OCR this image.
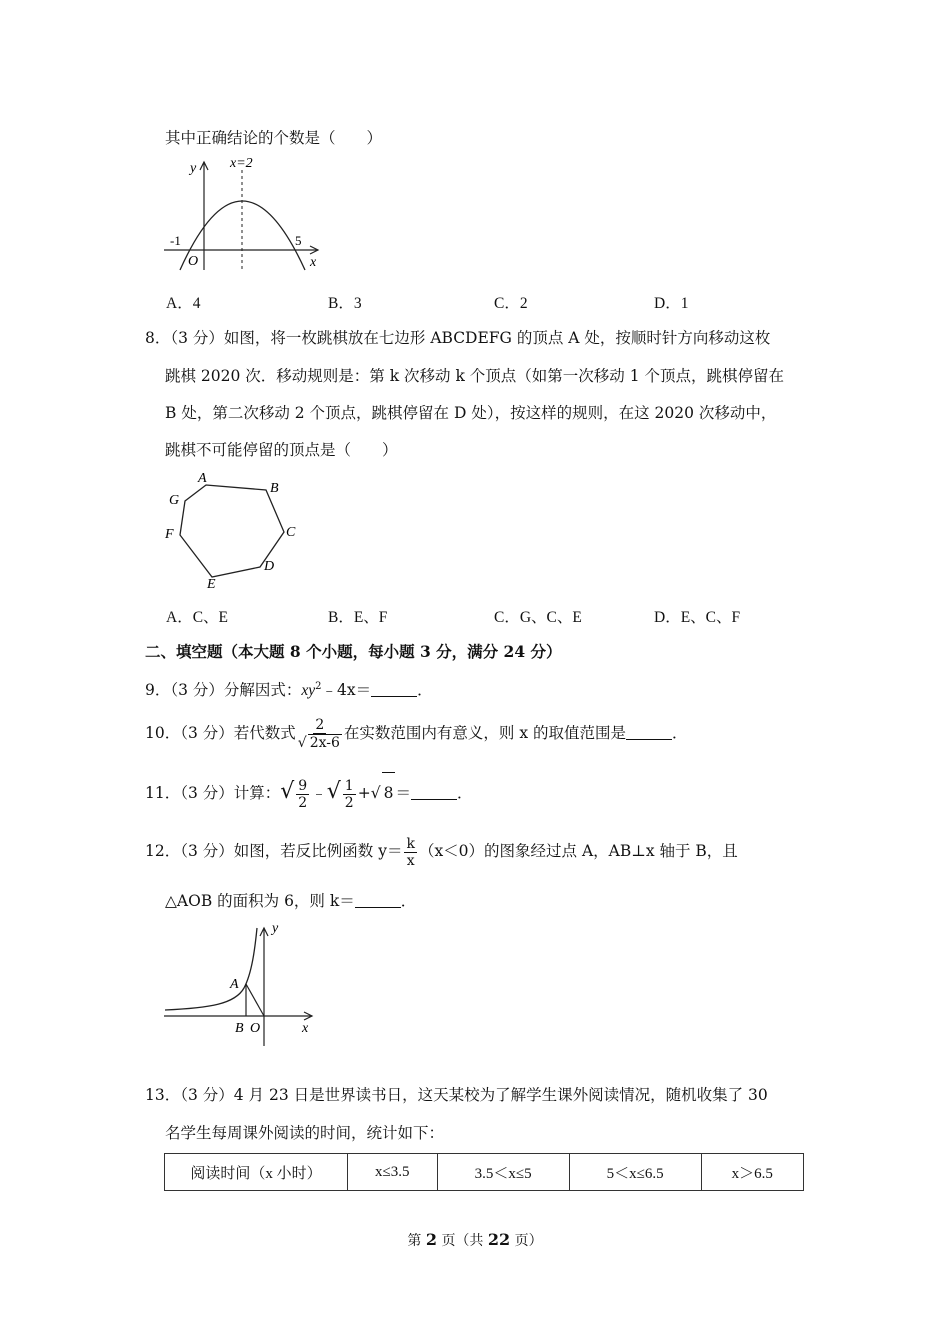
其中正确结论的个数是（　　）
y x=2
-1	5
O	x
A．4	B．3	C．2	D．1
8．（3 分）如图，将一枚跳棋放在七边形 ABCDEFG 的顶点 A 处，按顺时针方向移动这枚
跳棋 2020 次．移动规则是：第 k 次移动 k 个顶点（如第一次移动 1 个顶点，跳棋停留在
B 处，第二次移动 2 个顶点，跳棋停留在 D 处），按这样的规则，在这 2020 次移动中，
跳棋不可能停留的顶点是（　　）
A
B
C
D
E
F
G
A．C、E	B．E、F	C．G、C、E	D．E、C、F
二、填空题（本大题 8 个小题，每小题 3 分，满分 24 分）
9．（3 分）分解因式：$xy^2﹣4x=$	．
10．（3 分）若代数式 $\frac{2}{√ 2x-6}$ 在实数范围内有意义，则 x 的取值范围是	．
11．（3 分）计算：√ $\frac{9}{2}$ ﹣√ $\frac{1}{2}$ +√ 8 ＝	．
12．（3 分）如图，若反比例函数 $y= \frac{k}{x} (x<0)$的图象经过点 A，AB⊥x 轴于 B，且
△AOB 的面积为 6，则 k＝	．
A
B O
y
x
13．（3 分）4 月 23 日是世界读书日，这天某校为了解学生课外阅读情况，随机收集了 30
名学生每周课外阅读的时间，统计如下：
阅读时间（x 小时）	x≤3.5	3.5＜x≤5	5＜x≤6.5	x＞6.5
第 2 页（共 22 页）
